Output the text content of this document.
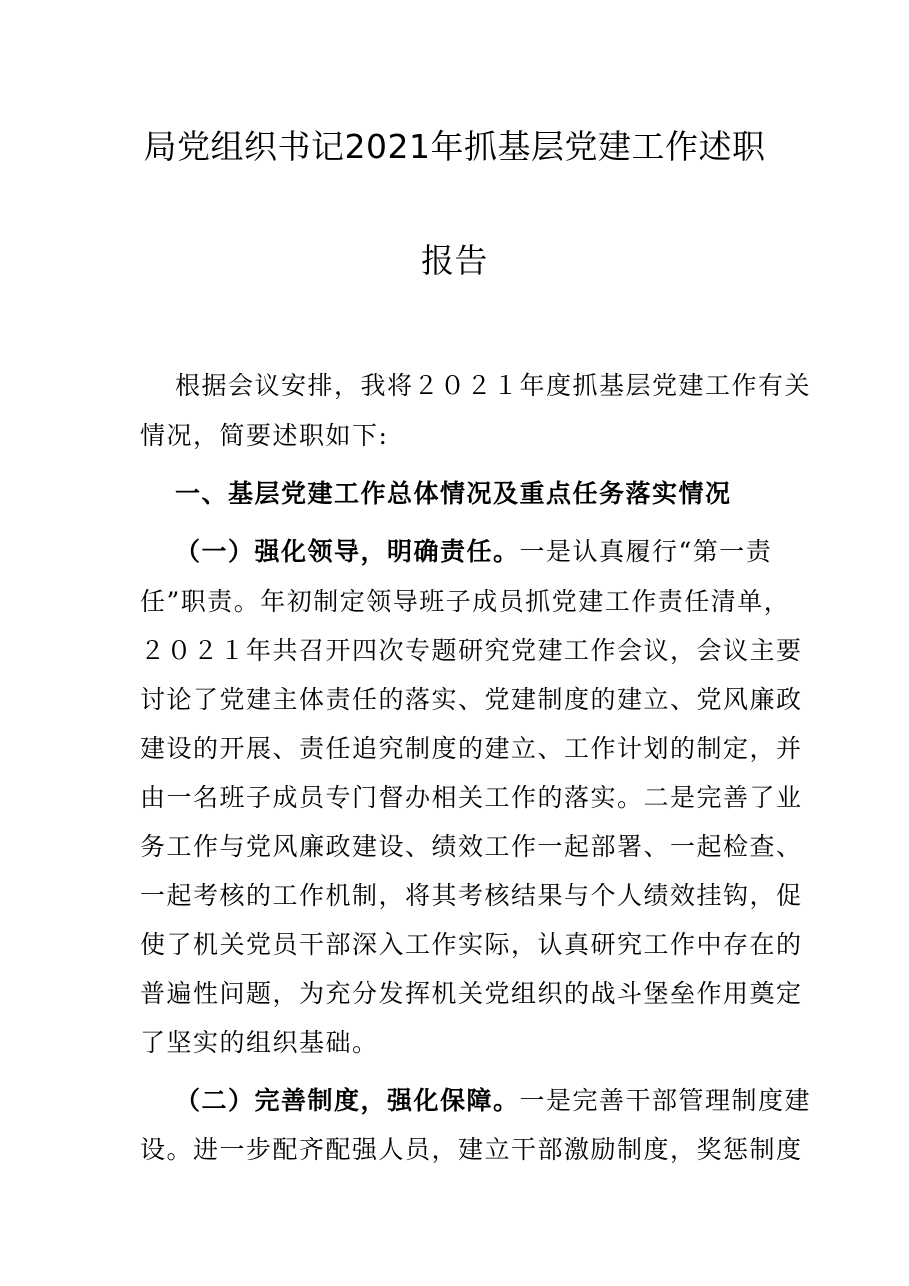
局党组织书记2021年抓基层党建工作述职
报告
根据会议安排，我将２０２１年度抓基层党建工作有关
情况，简要述职如下:
一、基层党建工作总体情况及重点任务落实情况
（一）强化领导，明确责任。一是认真履行“第一责
任”职责。年初制定领导班子成员抓党建工作责任清单，
２０２１年共召开四次专题研究党建工作会议，会议主要
讨论了党建主体责任的落实、党建制度的建立、党风廉政
建设的开展、责任追究制度的建立、工作计划的制定，并
由一名班子成员专门督办相关工作的落实。二是完善了业
务工作与党风廉政建设、绩效工作一起部署、一起检查、
一起考核的工作机制，将其考核结果与个人绩效挂钩，促
使了机关党员干部深入工作实际，认真研究工作中存在的
普遍性问题，为充分发挥机关党组织的战斗堡垒作用奠定
了坚实的组织基础。
（二）完善制度，强化保障。一是完善干部管理制度建
设。进一步配齐配强人员，建立干部激励制度，奖惩制度
